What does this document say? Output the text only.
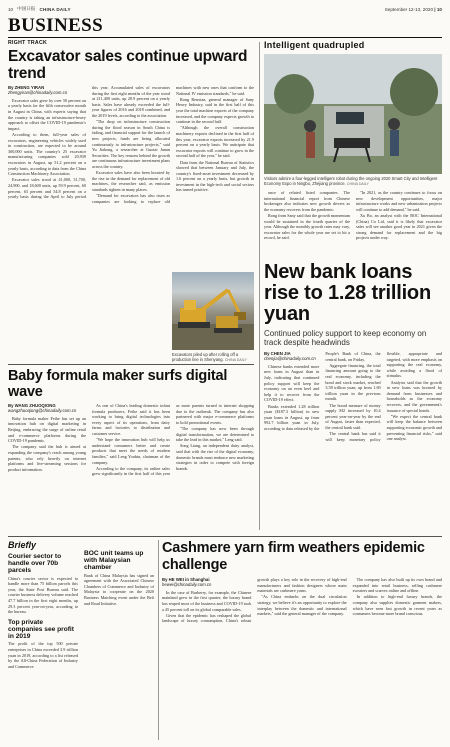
10 中国日报 CHINA DAILY	September 12-13, 2020 | 10
BUSINESS
RIGHT TRACK
Excavator sales continue upward trend
By ZHENG YIRAN
zhengyiran@chinadaily.com.cn

Excavator sales grew by over 50 percent on a yearly basis for the fifth consecutive month in August in China, with experts saying that the country is taking an infrastructure-heavy approach to offset the COVID-19 pandemic's impact.

According to them, full-year sales of excavators, engineering vehicles widely used in construction, are expected to be around 300,000 units. The country's 25 excavator manufacturing companies sold 20,939 excavators in August, up 51.2 percent on a yearly basis, according to data from the China Construction Machinery Association.

Excavator sales stood at 41,000, 31,700, 24,900, and 18,600 units, up 59.9 percent, 60 percent, 63 percent and 54.8 percent on a yearly basis during the April to July period this year. Accumulated sales of excavators during the first eight months of the year stood at 211,400 units, up 28.9 percent on a yearly basis. Sales have already exceeded the full-year figures of 2016 and 2018 combined, and the 2019 levels, according to the association.

"The drop on infrastructure construction during the flood season in South China is fading, and financial support for the launch of new projects, funds are being allocated continuously to infrastructure projects," said Yu Jiahong, a researcher at Guotai Junan Securities. The key reasons behind the growth are continuous infrastructure investment plans across the country.

Excavator sales have also been boosted by the rise in the demand for replacement of old machines, the researcher said, as emission standards tighten in many places.

"Demand for excavators has also risen as companies are looking to replace old machines with new ones that conform to the National IV emission standards," he said.

Rong Renxian, general manager of Sany Heavy Industry, said in the first half of this year the total machine exports of the company increased, and the company expects growth to continue in the second half.

"Although the overall construction machinery exports declined in the first half of this year, excavator exports increased by 21.9 percent on a yearly basis. We anticipate that excavator exports will continue to grow in the second half of the year," he said.

Data from the National Bureau of Statistics showed that between January and July, the country's fixed-asset investment decreased by 1.6 percent on a yearly basis, but growth in investment in the high-tech and social sectors has turned positive.

Excavators piled up after rolling off a production line in Shenyang. CHINA DAILY
Intelligent quadrupled
Visitors admire a four-legged intelligent robot during the ongoing 2020 Smart City and Intelligent Economy Expo in Ningbo, Zhejiang province. CHINA DAILY

once of related listed companies. The international financial report from Chinese brokerages also indicates new growth drivers as the economy recovers from the pandemic.

Rong from Sany said that the growth momentum would be sustained in the fourth quarter of the year. Although the monthly growth rates may vary, excavator sales for the whole year are set to hit a record, he said.

"In 2021, as the country continues to focus on new development opportunities, major infrastructure works and new urbanization projects will continue to add demand," he said.

Xu Bo, an analyst with the BOC International (China) Co Ltd, said it is likely that excavator sales will see another good year in 2021 given the strong demand for replacement and the big projects under way.

Baby formula maker surfs digital wave
By WANG ZHUOQIONG
wangzhuoqiong@chinadaily.com.cn

Baby formula maker Feihe has set up an innovation hub on digital marketing in Beijing, embracing the surge of online retail and e-commerce platforms during the COVID-19 pandemic.

The company said the hub is aimed at expanding the company's reach among young parents, who rely heavily on internet platforms and live-streaming sessions for product information.

As one of China's leading domestic infant formula producers, Feihe said it has been working to bring digital technologies into every aspect of its operations, from dairy farms and factories to distribution and customer service.

"We hope the innovation hub will help us understand consumers better and create products that meet the needs of modern families," said Leng Youbin, chairman of the company.

According to the company, its online sales grew significantly in the first half of this year as more parents turned to internet shopping due to the outbreak. The company has also partnered with major e-commerce platforms to hold promotional events.

"The company has now been through digital transformation, we are determined to take the lead in this market," Leng said.

Song Liang, an independent dairy analyst, said that with the rise of the digital economy, domestic brands must embrace new marketing strategies in order to compete with foreign brands.

New bank loans rise to 1.28 trillion yuan
Continued policy support to keep economy on track despite headwinds
By CHEN JIA
chenjia@chinadaily.com.cn

Chinese banks extended more new loans in August than in July, indicating that continued policy support will keep the economy on an even keel and help it to recover from the COVID-19 effect.

Banks extended 1.28 trillion yuan ($187.3 billion) in new yuan loans in August, up from 992.7 billion yuan in July, according to data released by the People's Bank of China, the central bank, on Friday.

Aggregate financing, the total financing amount going to the real economy, including the bond and stock market, reached 3.58 trillion yuan, up from 1.69 trillion yuan in the previous month.

The broad measure of money supply M2 increased by 10.4 percent year-on-year by the end of August, faster than expected, the central bank said.

The central bank has said it will keep monetary policy flexible, appropriate and targeted, with more emphasis on supporting the real economy, while avoiding a flood of stimulus.

Analysts said that the growth in new loans was boosted by demand from businesses and households as the economy recovers, and the government's issuance of special bonds.

"We expect the central bank will keep the balance between supporting economic growth and preventing financial risks," said one analyst.

Briefly
Courier sector to handle over 70b parcels
China's courier sector is expected to handle more than 75 billion parcels this year, the State Post Bureau said. The courier business delivery volume reached 47.7 billion in the first eight months, up 29.3 percent year-on-year, according to the bureau.
Top private companies see profit in 2019
The profit of the top 500 private enterprises in China exceeded 3.9 trillion yuan in 2019, according to a list released by the All-China Federation of Industry and Commerce.
BOC unit teams up with Malaysian chamber
Bank of China Malaysia has signed an agreement with the Associated Chinese Chambers of Commerce and Industry of Malaysia to cooperate on the 2020 Business Matching event under the Belt and Road Initiative.
Cashmere yarn firm weathers epidemic challenge
By HE WEI in Shanghai
hewei@chinadaily.com.cn

In the case of Burberry, for example, the Chinese mainland grew in the first quarter, the luxury brand has reaped most of the business and COVID-19 took a 45 percent toll on its global comparable sales.

Given that the epidemic has reshaped the global landscape of luxury consumption, China's robust growth plays a key role in the recovery of high-end manufacturers and fashion designers whose main materials are cashmere yarns.

"As China embarks on the dual circulation strategy, we believe it's an opportunity to explore the interplay between the domestic and international markets," said the general manager of the company.

The company has also built up its own brand and expanded into retail business, selling cashmere sweaters and scarves online and offline.

In addition to high-end luxury brands, the company also supplies domestic garment makers, which have seen fast growth in recent years as consumers become more brand conscious.
